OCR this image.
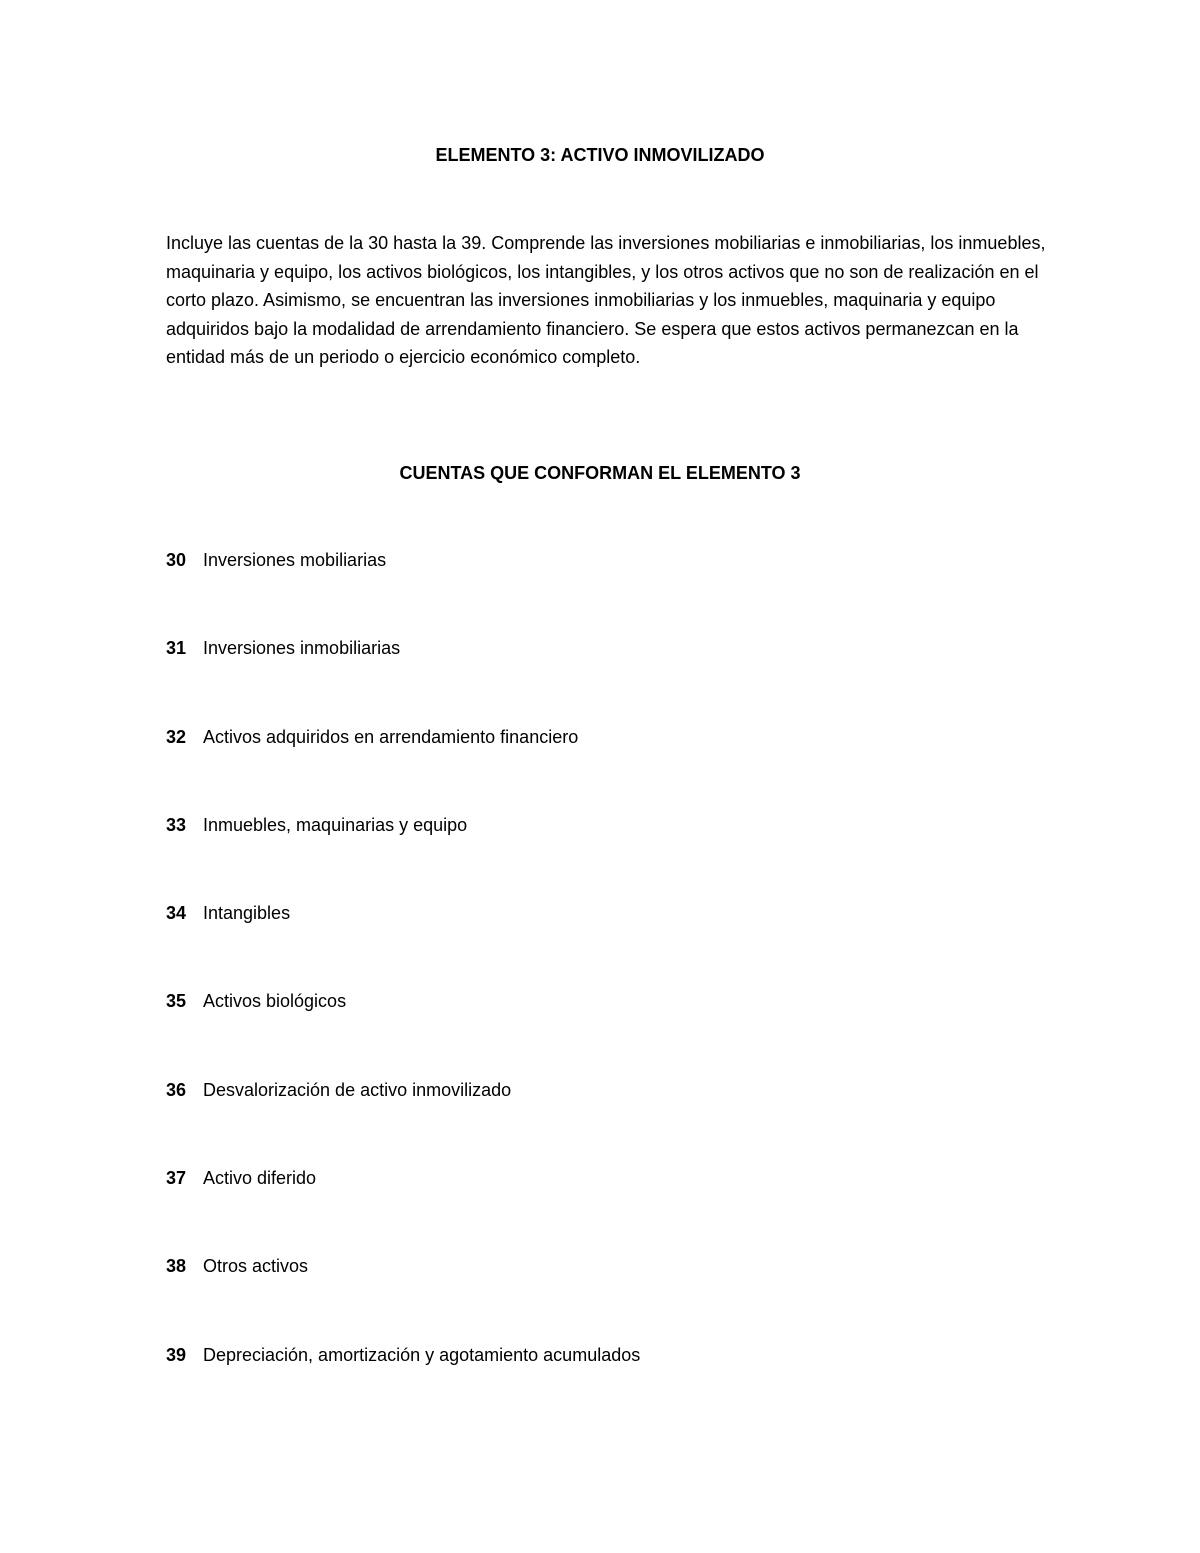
ELEMENTO 3: ACTIVO INMOVILIZADO

Incluye las cuentas de la 30 hasta la 39. Comprende las inversiones mobiliarias e inmobiliarias, los inmuebles, maquinaria y equipo, los activos biológicos, los intangibles, y los otros activos que no son de realización en el corto plazo. Asimismo, se encuentran las inversiones inmobiliarias y los inmuebles, maquinaria y equipo adquiridos bajo la modalidad de arrendamiento financiero. Se espera que estos activos permanezcan en la entidad más de un periodo o ejercicio económico completo.

CUENTAS QUE CONFORMAN EL ELEMENTO 3
30 Inversiones mobiliarias
31 Inversiones inmobiliarias
32 Activos adquiridos en arrendamiento financiero
33 Inmuebles, maquinarias y equipo
34 Intangibles
35 Activos biológicos
36 Desvalorización de activo inmovilizado
37 Activo diferido
38 Otros activos
39 Depreciación, amortización y agotamiento acumulados
